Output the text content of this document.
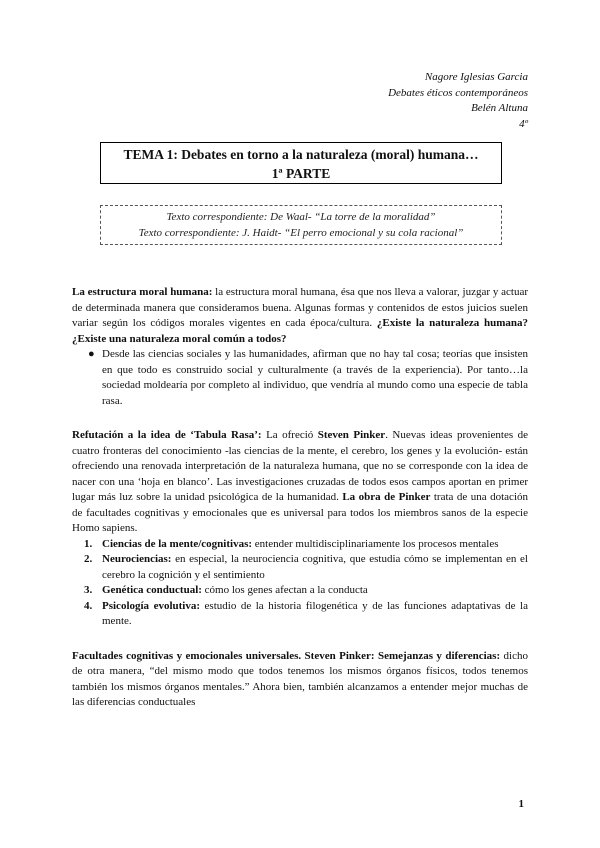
Nagore Iglesias Garcia
Debates éticos contemporáneos
Belén Altuna
4º
TEMA 1: Debates en torno a la naturaleza (moral) humana…
1ª PARTE
Texto correspondiente: De Waal- “La torre de la moralidad”
Texto correspondiente: J. Haidt- “El perro emocional y su cola racional”

La estructura moral humana: la estructura moral humana, ésa que nos lleva a valorar, juzgar y actuar de determinada manera que consideramos buena. Algunas formas y contenidos de estos juicios suelen variar según los códigos morales vigentes en cada época/cultura. ¿Existe la naturaleza humana? ¿Existe una naturaleza moral común a todos?

● Desde las ciencias sociales y las humanidades, afirman que no hay tal cosa; teorías que insisten en que todo es construido social y culturalmente (a través de la experiencia). Por tanto…la sociedad moldearía por completo al individuo, que vendría al mundo como una especie de tabla rasa.

Refutación a la idea de ‘Tabula Rasa’: La ofreció Steven Pinker. Nuevas ideas provenientes de cuatro fronteras del conocimiento -las ciencias de la mente, el cerebro, los genes y la evolución- están ofreciendo una renovada interpretación de la naturaleza humana, que no se corresponde con la idea de nacer con una ‘hoja en blanco’. Las investigaciones cruzadas de todos esos campos aportan en primer lugar más luz sobre la unidad psicológica de la humanidad. La obra de Pinker trata de una dotación de facultades cognitivas y emocionales que es universal para todos los miembros sanos de la especie Homo sapiens.

1. Ciencias de la mente/cognitivas: entender multidisciplinariamente los procesos mentales
2. Neurociencias: en especial, la neurociencia cognitiva, que estudia cómo se implementan en el cerebro la cognición y el sentimiento
3. Genética conductual: cómo los genes afectan a la conducta
4. Psicología evolutiva: estudio de la historia filogenética y de las funciones adaptativas de la mente.

Facultades cognitivas y emocionales universales. Steven Pinker: Semejanzas y diferencias: dicho de otra manera, “del mismo modo que todos tenemos los mismos órganos físicos, todos tenemos también los mismos órganos mentales.” Ahora bien, también alcanzamos a entender mejor muchas de las diferencias conductuales

1
